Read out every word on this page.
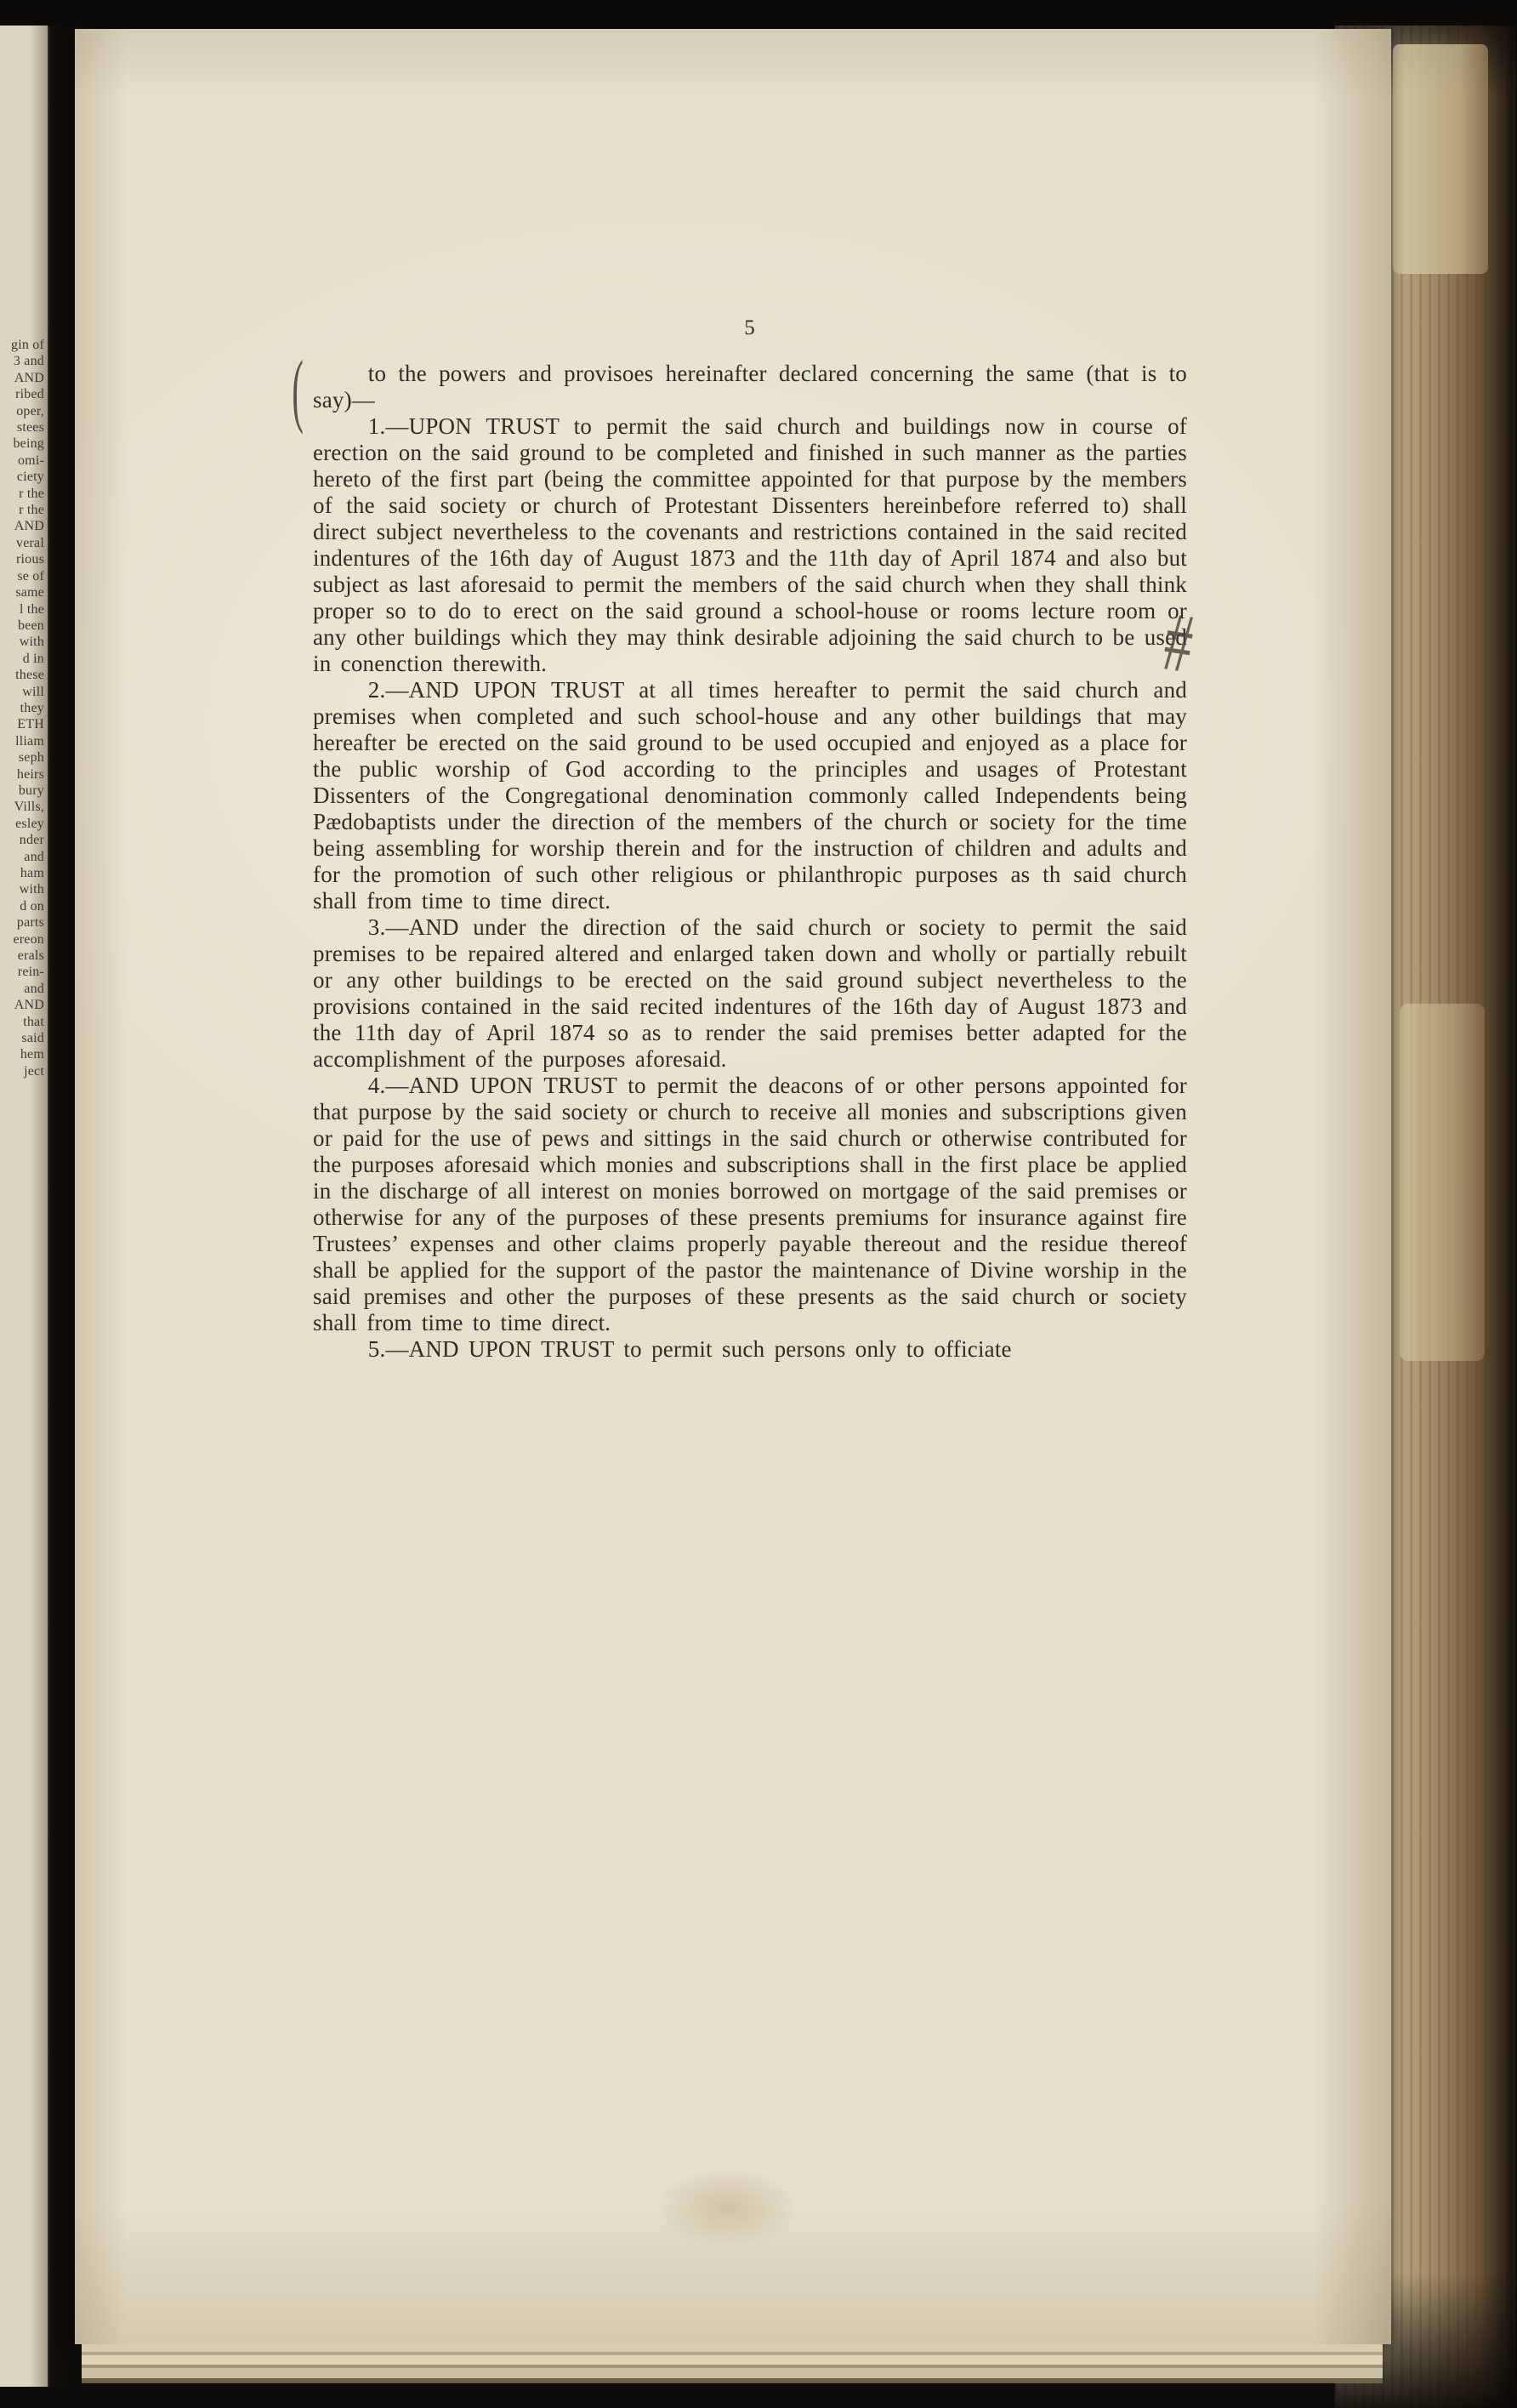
gin of
3 and
AND
ribed
oper,
stees
being
omi-
ciety
r the
r the
AND
veral
rious
se of
same
l the
been
with
d in
these
will
they
ETH
lliam
seph
heirs
bury
Vills,
esley
nder
and
ham
with
d on
parts
ereon
erals
rein-
and
AND
that
said
hem
ject
5
(
#

to the powers and provisoes hereinafter declared concerning the same (that is to say)—

1.—UPON TRUST to permit the said church and buildings now in course of erection on the said ground to be completed and finished in such manner as the parties hereto of the first part (being the committee appointed for that purpose by the members of the said society or church of Protestant Dissenters hereinbefore referred to) shall direct subject nevertheless to the covenants and restrictions contained in the said recited indentures of the 16th day of August 1873 and the 11th day of April 1874 and also but subject as last aforesaid to permit the members of the said church when they shall think proper so to do to erect on the said ground a school-house or rooms lecture room or any other buildings which they may think desirable adjoining the said church to be used in conenction therewith.

2.—AND UPON TRUST at all times hereafter to permit the said church and premises when completed and such school-house and any other buildings that may hereafter be erected on the said ground to be used occupied and enjoyed as a place for the public worship of God according to the principles and usages of Protestant Dissenters of the Congregational denomination commonly called Independents being Pædobaptists under the direction of the members of the church or society for the time being assembling for worship therein and for the instruction of children and adults and for the promotion of such other religious or philanthropic purposes as th said church shall from time to time direct.

3.—AND under the direction of the said church or society to permit the said premises to be repaired altered and enlarged taken down and wholly or partially rebuilt or any other buildings to be erected on the said ground subject nevertheless to the provisions contained in the said recited indentures of the 16th day of August 1873 and the 11th day of April 1874 so as to render the said premises better adapted for the accomplishment of the purposes aforesaid.

4.—AND UPON TRUST to permit the deacons of or other persons appointed for that purpose by the said society or church to receive all monies and subscriptions given or paid for the use of pews and sittings in the said church or otherwise contributed for the purposes aforesaid which monies and subscriptions shall in the first place be applied in the discharge of all interest on monies borrowed on mortgage of the said premises or otherwise for any of the purposes of these presents premiums for insurance against fire Trustees’ expenses and other claims properly payable thereout and the residue thereof shall be applied for the support of the pastor the maintenance of Divine worship in the said premises and other the purposes of these presents as the said church or society shall from time to time direct.

5.—AND UPON TRUST to permit such persons only to officiate
